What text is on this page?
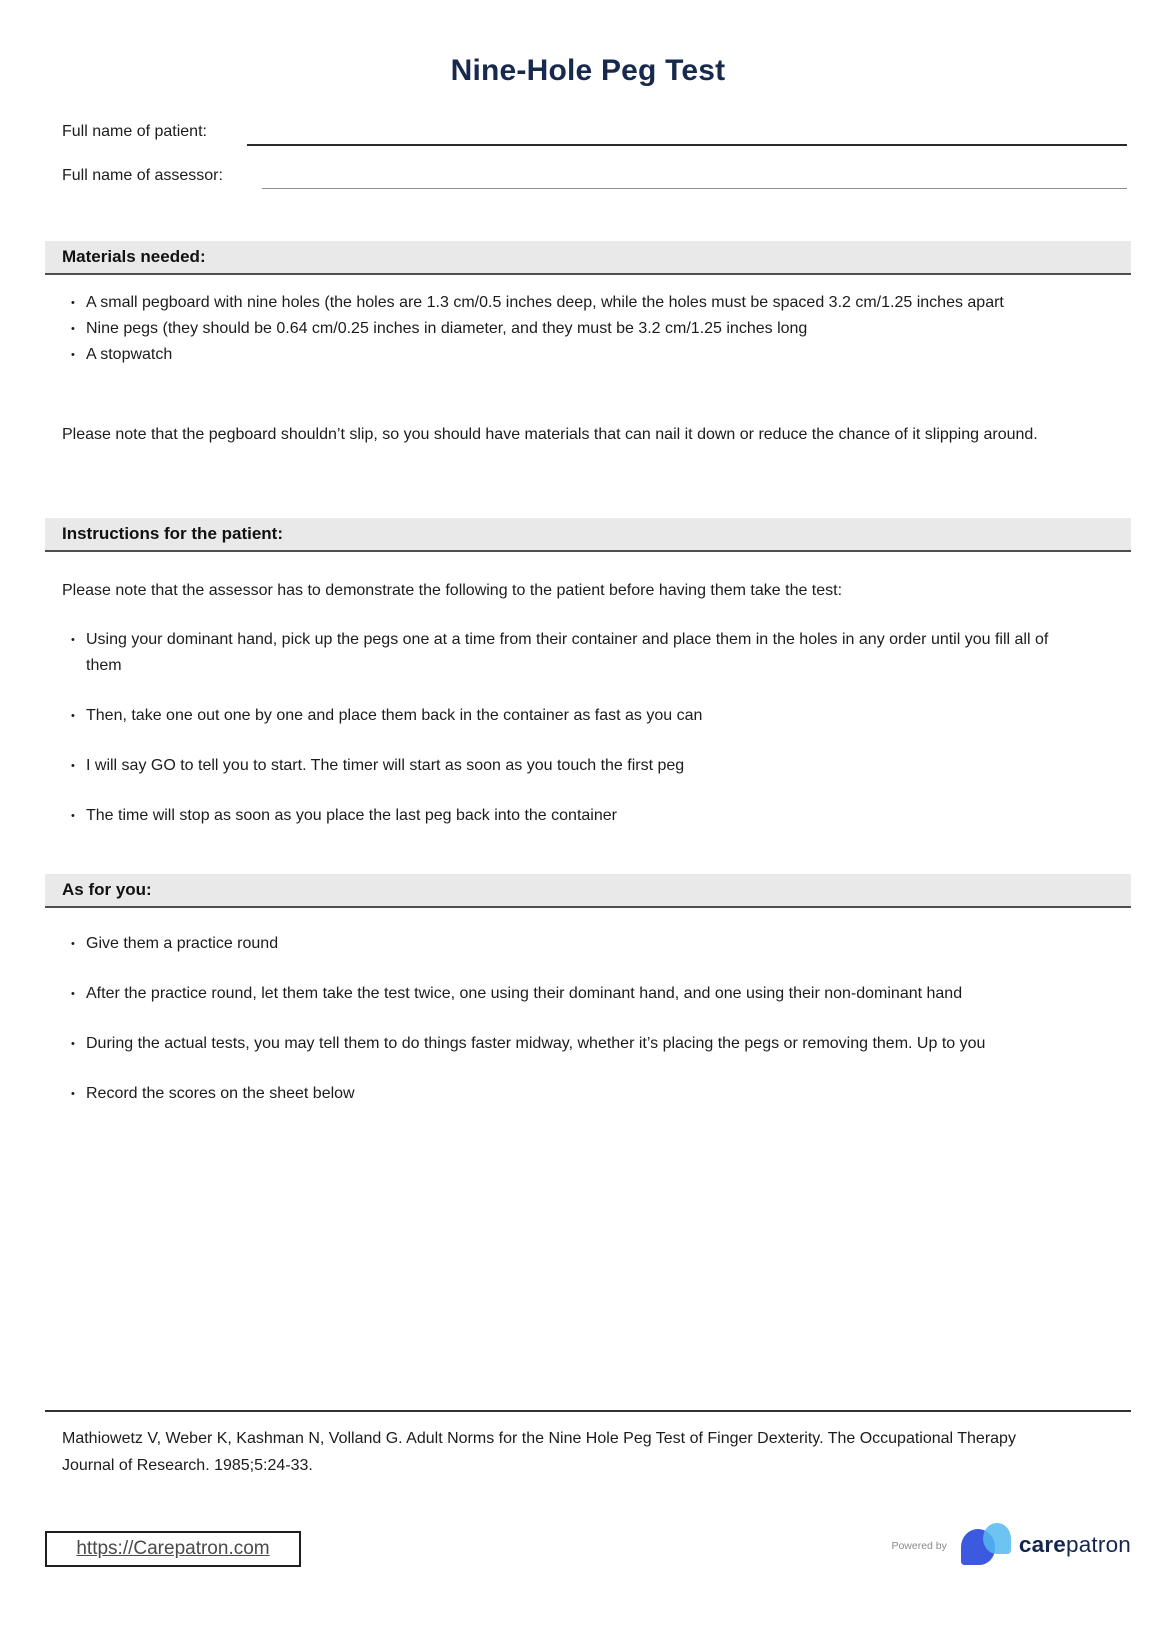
Nine-Hole Peg Test
Full name of patient:
Full name of assessor:
Materials needed:
• A small pegboard with nine holes (the holes are 1.3 cm/0.5 inches deep, while the holes must be spaced 3.2 cm/1.25 inches apart
• Nine pegs (they should be 0.64 cm/0.25 inches in diameter, and they must be 3.2 cm/1.25 inches long
• A stopwatch
Please note that the pegboard shouldn’t slip, so you should have materials that can nail it down or reduce the chance of it slipping around.
Instructions for the patient:
Please note that the assessor has to demonstrate the following to the patient before having them take the test:
• Using your dominant hand, pick up the pegs one at a time from their container and place them in the holes in any order until you fill all of them
• Then, take one out one by one and place them back in the container as fast as you can
• I will say GO to tell you to start. The timer will start as soon as you touch the first peg
• The time will stop as soon as you place the last peg back into the container
As for you:
• Give them a practice round
• After the practice round, let them take the test twice, one using their dominant hand, and one using their non-dominant hand
• During the actual tests, you may tell them to do things faster midway, whether it’s placing the pegs or removing them. Up to you
• Record the scores on the sheet below
Mathiowetz V, Weber K, Kashman N, Volland G. Adult Norms for the Nine Hole Peg Test of Finger Dexterity. The Occupational Therapy Journal of Research. 1985;5:24-33.
https://Carepatron.com	Powered by	carepatron
